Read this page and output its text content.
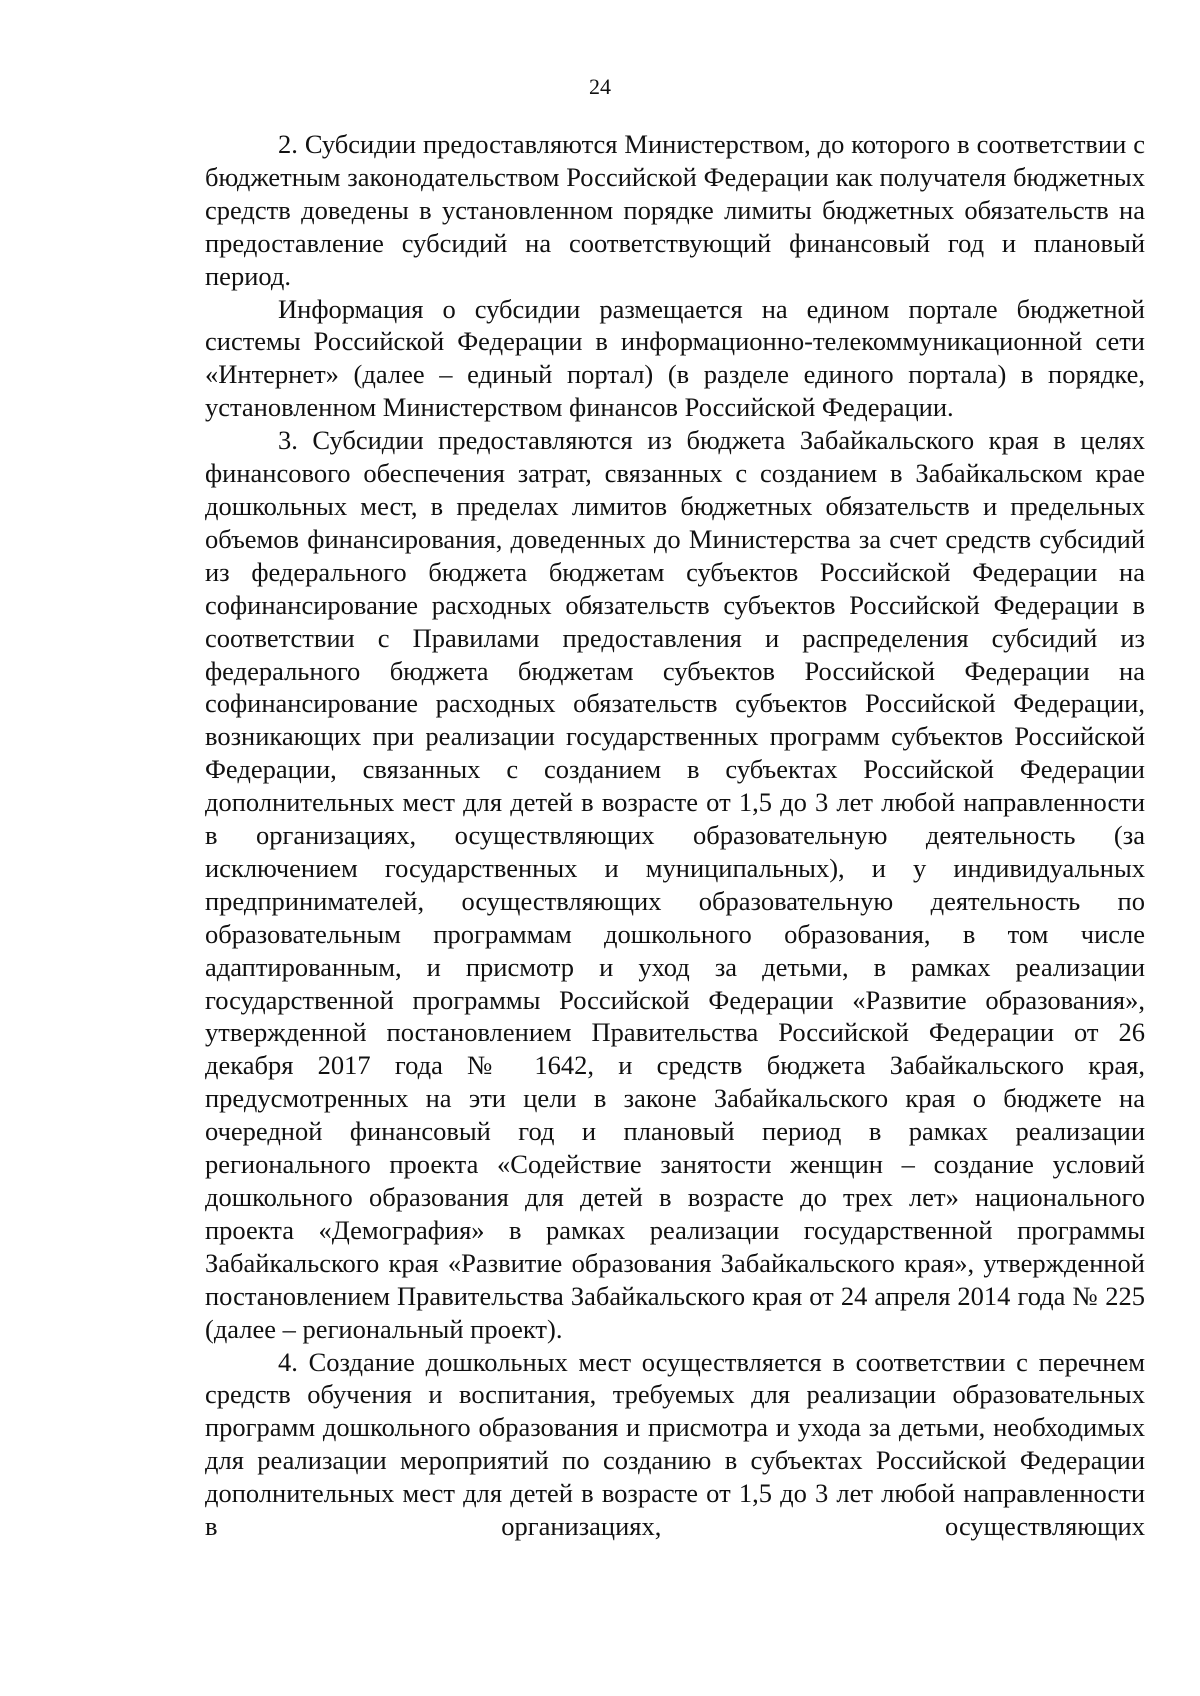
24

2. Субсидии предоставляются Министерством, до которого в соответствии с бюджетным законодательством Российской Федерации как получателя бюджетных средств доведены в установленном порядке лимиты бюджетных обязательств на предоставление субсидий на соответствующий финансовый год и плановый период.

Информация о субсидии размещается на едином портале бюджетной системы Российской Федерации в информационно-телекоммуникационной сети «Интернет» (далее – единый портал) (в разделе единого портала) в порядке, установленном Министерством финансов Российской Федерации.

3. Субсидии предоставляются из бюджета Забайкальского края в целях финансового обеспечения затрат, связанных с созданием в Забайкальском крае дошкольных мест, в пределах лимитов бюджетных обязательств и предельных объемов финансирования, доведенных до Министерства за счет средств субсидий из федерального бюджета бюджетам субъектов Российской Федерации на софинансирование расходных обязательств субъектов Российской Федерации в соответствии с Правилами предоставления и распределения субсидий из федерального бюджета бюджетам субъектов Российской Федерации на софинансирование расходных обязательств субъектов Российской Федерации, возникающих при реализации государственных программ субъектов Российской Федерации, связанных с созданием в субъектах Российской Федерации дополнительных мест для детей в возрасте от 1,5 до 3 лет любой направленности в организациях, осуществляющих образовательную деятельность (за исключением государственных и муниципальных), и у индивидуальных предпринимателей, осуществляющих образовательную деятельность по образовательным программам дошкольного образования, в том числе адаптированным, и присмотр и уход за детьми, в рамках реализации государственной программы Российской Федерации «Развитие образования», утвержденной постановлением Правительства Российской Федерации от 26 декабря 2017 года № 1642, и средств бюджета Забайкальского края, предусмотренных на эти цели в законе Забайкальского края о бюджете на очередной финансовый год и плановый период в рамках реализации регионального проекта «Содействие занятости женщин – создание условий дошкольного образования для детей в возрасте до трех лет» национального проекта «Демография» в рамках реализации государственной программы Забайкальского края «Развитие образования Забайкальского края», утвержденной постановлением Правительства Забайкальского края от 24 апреля 2014 года № 225 (далее – региональный проект).

4. Создание дошкольных мест осуществляется в соответствии с перечнем средств обучения и воспитания, требуемых для реализации образовательных программ дошкольного образования и присмотра и ухода за детьми, необходимых для реализации мероприятий по созданию в субъектах Российской Федерации дополнительных мест для детей в возрасте от 1,5 до 3 лет любой направленности в организациях, осуществляющих
